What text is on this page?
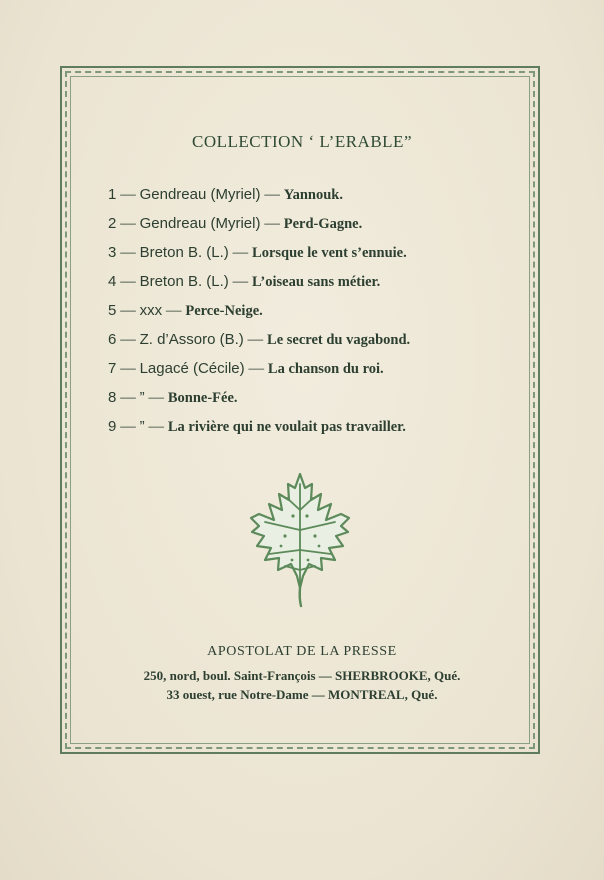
COLLECTION ‘ L’ERABLE”
1 — Gendreau (Myriel) — Yannouk.
2 — Gendreau (Myriel) — Perd-Gagne.
3 — Breton B. (L.) — Lorsque le vent s’ennuie.
4 — Breton B. (L.) — L’oiseau sans métier.
5 — xxx — Perce-Neige.
6 — Z. d’Assoro (B.) — Le secret du vagabond.
7 — Lagacé (Cécile) — La chanson du roi.
8 — ” — Bonne-Fée.
9 — ” — La rivière qui ne voulait pas travailler.
APOSTOLAT DE LA PRESSE
250, nord, boul. Saint-François — SHERBROOKE, Qué.
33 ouest, rue Notre-Dame — MONTREAL, Qué.
